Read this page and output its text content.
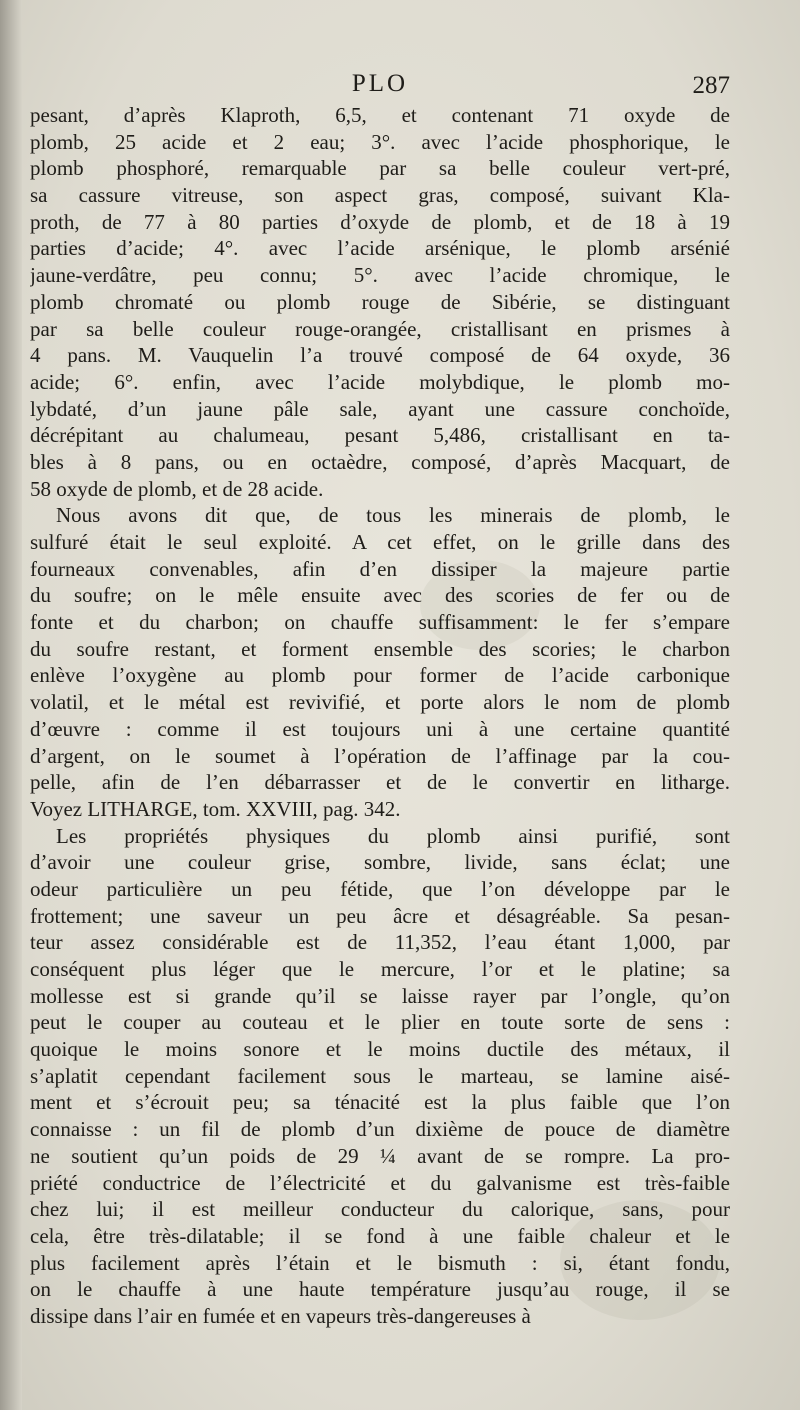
PLO	287
pesant, d’après Klaproth, 6,5, et contenant 71 oxyde de
plomb, 25 acide et 2 eau; 3°. avec l’acide phosphorique, le
plomb phosphoré, remarquable par sa belle couleur vert-pré,
sa cassure vitreuse, son aspect gras, composé, suivant Kla-
proth, de 77 à 80 parties d’oxyde de plomb, et de 18 à 19
parties d’acide; 4°. avec l’acide arsénique, le plomb arsénié
jaune-verdâtre, peu connu; 5°. avec l’acide chromique, le
plomb chromaté ou plomb rouge de Sibérie, se distinguant
par sa belle couleur rouge-orangée, cristallisant en prismes à
4 pans. M. Vauquelin l’a trouvé composé de 64 oxyde, 36
acide; 6°. enfin, avec l’acide molybdique, le plomb mo-
lybdaté, d’un jaune pâle sale, ayant une cassure conchoïde,
décrépitant au chalumeau, pesant 5,486, cristallisant en ta-
bles à 8 pans, ou en octaèdre, composé, d’après Macquart, de
58 oxyde de plomb, et de 28 acide.
Nous avons dit que, de tous les minerais de plomb, le
sulfuré était le seul exploité. A cet effet, on le grille dans des
fourneaux convenables, afin d’en dissiper la majeure partie
du soufre; on le mêle ensuite avec des scories de fer ou de
fonte et du charbon; on chauffe suffisamment: le fer s’empare
du soufre restant, et forment ensemble des scories; le charbon
enlève l’oxygène au plomb pour former de l’acide carbonique
volatil, et le métal est revivifié, et porte alors le nom de plomb
d’œuvre : comme il est toujours uni à une certaine quantité
d’argent, on le soumet à l’opération de l’affinage par la cou-
pelle, afin de l’en débarrasser et de le convertir en litharge.
Voyez LITHARGE, tom. XXVIII, pag. 342.
Les propriétés physiques du plomb ainsi purifié, sont
d’avoir une couleur grise, sombre, livide, sans éclat; une
odeur particulière un peu fétide, que l’on développe par le
frottement; une saveur un peu âcre et désagréable. Sa pesan-
teur assez considérable est de 11,352, l’eau étant 1,000, par
conséquent plus léger que le mercure, l’or et le platine; sa
mollesse est si grande qu’il se laisse rayer par l’ongle, qu’on
peut le couper au couteau et le plier en toute sorte de sens :
quoique le moins sonore et le moins ductile des métaux, il
s’aplatit cependant facilement sous le marteau, se lamine aisé-
ment et s’écrouit peu; sa ténacité est la plus faible que l’on
connaisse : un fil de plomb d’un dixième de pouce de diamètre
ne soutient qu’un poids de 29 ¼ avant de se rompre. La pro-
priété conductrice de l’électricité et du galvanisme est très-faible
chez lui; il est meilleur conducteur du calorique, sans, pour
cela, être très-dilatable; il se fond à une faible chaleur et le
plus facilement après l’étain et le bismuth : si, étant fondu,
on le chauffe à une haute température jusqu’au rouge, il se
dissipe dans l’air en fumée et en vapeurs très-dangereuses à
